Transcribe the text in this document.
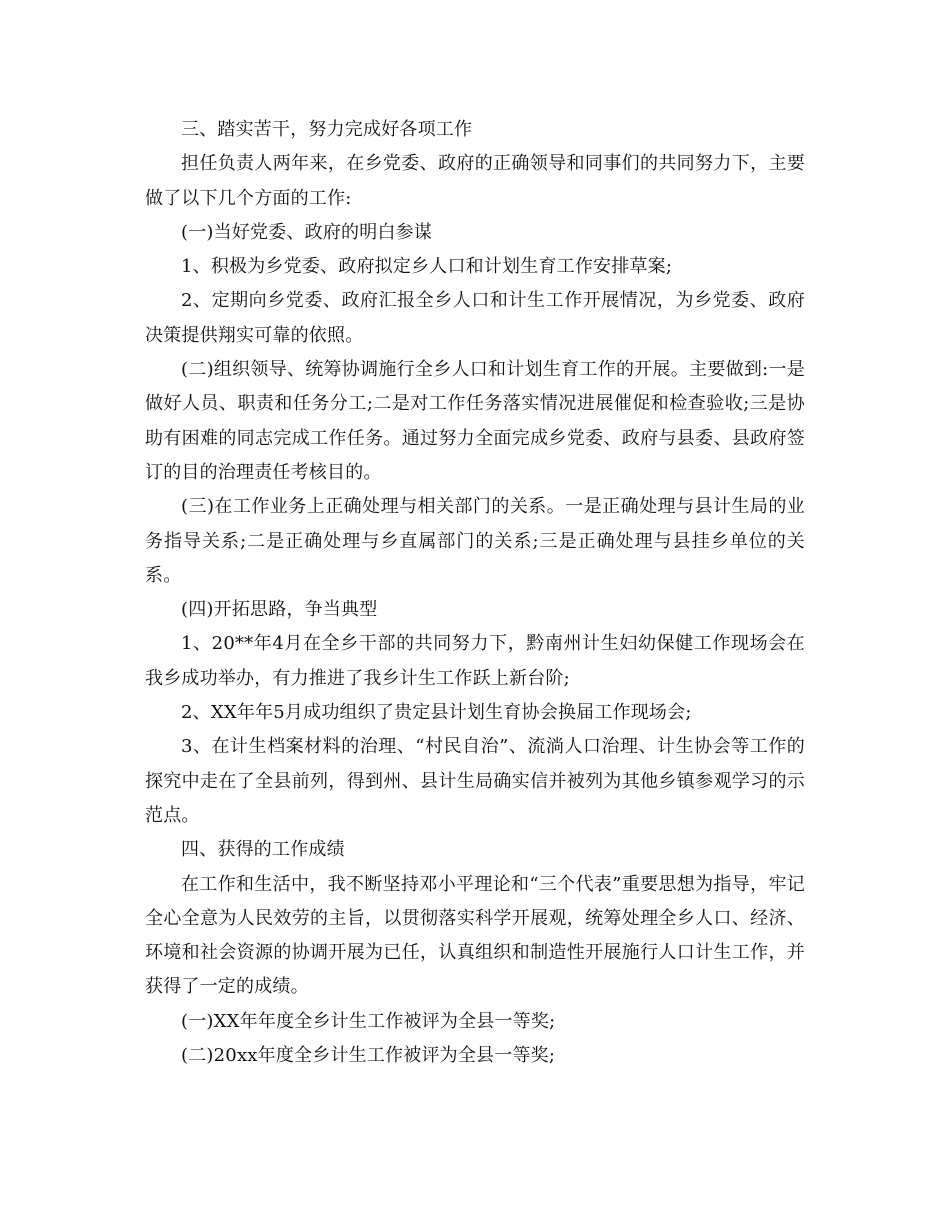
三、踏实苦干，努力完成好各项工作

担任负责人两年来，在乡党委、政府的正确领导和同事们的共同努力下，主要做了以下几个方面的工作:

(一)当好党委、政府的明白参谋

1、积极为乡党委、政府拟定乡人口和计划生育工作安排草案;

2、定期向乡党委、政府汇报全乡人口和计生工作开展情况，为乡党委、政府决策提供翔实可靠的依照。

(二)组织领导、统筹协调施行全乡人口和计划生育工作的开展。主要做到:一是做好人员、职责和任务分工;二是对工作任务落实情况进展催促和检查验收;三是协助有困难的同志完成工作任务。通过努力全面完成乡党委、政府与县委、县政府签订的目的治理责任考核目的。

(三)在工作业务上正确处理与相关部门的关系。一是正确处理与县计生局的业务指导关系;二是正确处理与乡直属部门的关系;三是正确处理与县挂乡单位的关系。

(四)开拓思路，争当典型

1、20**年4月在全乡干部的共同努力下，黔南州计生妇幼保健工作现场会在我乡成功举办，有力推进了我乡计生工作跃上新台阶;

2、XX年年5月成功组织了贵定县计划生育协会换届工作现场会;

3、在计生档案材料的治理、“村民自治”、流淌人口治理、计生协会等工作的探究中走在了全县前列，得到州、县计生局确实信并被列为其他乡镇参观学习的示范点。

四、获得的工作成绩

在工作和生活中，我不断坚持邓小平理论和“三个代表”重要思想为指导，牢记全心全意为人民效劳的主旨，以贯彻落实科学开展观，统筹处理全乡人口、经济、环境和社会资源的协调开展为已任，认真组织和制造性开展施行人口计生工作，并获得了一定的成绩。

(一)XX年年度全乡计生工作被评为全县一等奖;

(二)20xx年度全乡计生工作被评为全县一等奖;
